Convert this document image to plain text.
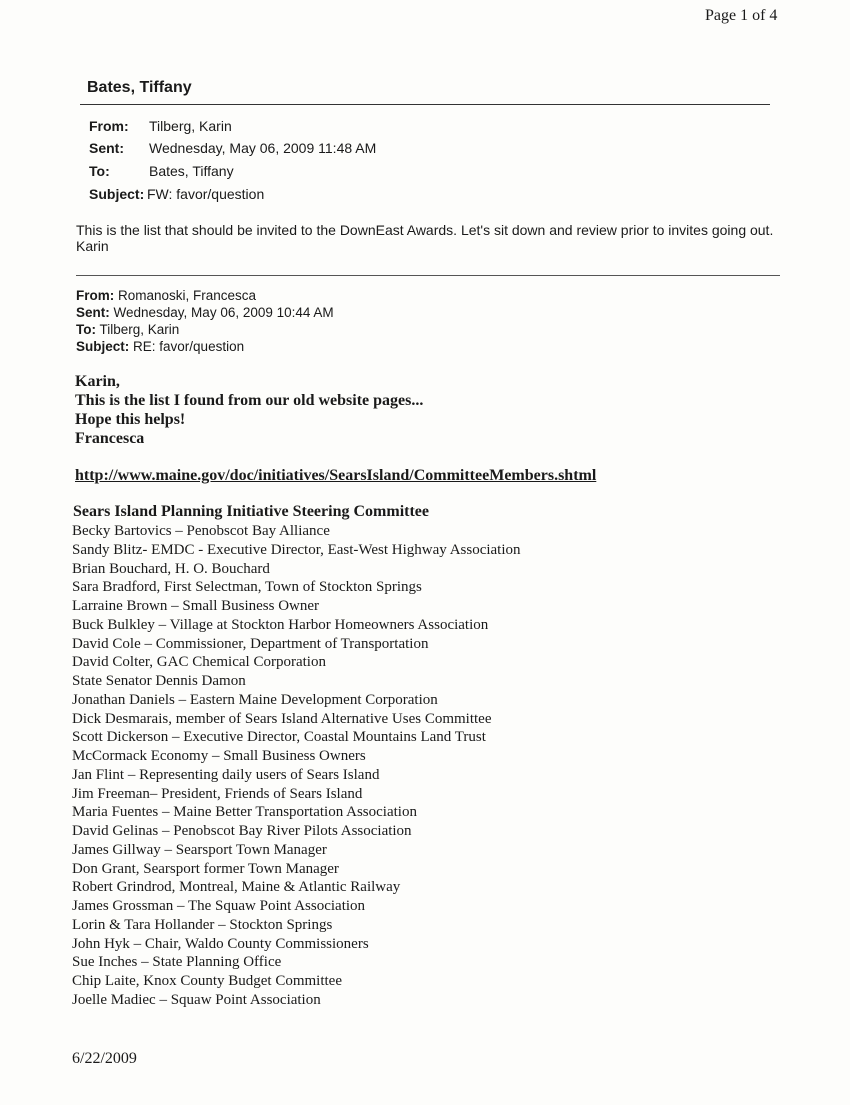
Page 1 of 4
Bates, Tiffany
From: Tilberg, Karin
Sent: Wednesday, May 06, 2009 11:48 AM
To:	Bates, Tiffany
Subject: FW: favor/question
This is the list that should be invited to the DownEast Awards. Let's sit down and review prior to invites going out.
Karin
From: Romanoski, Francesca
Sent: Wednesday, May 06, 2009 10:44 AM
To: Tilberg, Karin
Subject: RE: favor/question
Karin,
This is the list I found from our old website pages...
Hope this helps!
Francesca
http://www.maine.gov/doc/initiatives/SearsIsland/CommitteeMembers.shtml
Sears Island Planning Initiative Steering Committee
Becky Bartovics – Penobscot Bay Alliance
Sandy Blitz- EMDC - Executive Director, East-West Highway Association
Brian Bouchard, H. O. Bouchard
Sara Bradford, First Selectman, Town of Stockton Springs
Larraine Brown – Small Business Owner
Buck Bulkley – Village at Stockton Harbor Homeowners Association
David Cole – Commissioner, Department of Transportation
David Colter, GAC Chemical Corporation
State Senator Dennis Damon
Jonathan Daniels – Eastern Maine Development Corporation
Dick Desmarais, member of Sears Island Alternative Uses Committee
Scott Dickerson – Executive Director, Coastal Mountains Land Trust
McCormack Economy – Small Business Owners
Jan Flint – Representing daily users of Sears Island
Jim Freeman– President, Friends of Sears Island
Maria Fuentes – Maine Better Transportation Association
David Gelinas – Penobscot Bay River Pilots Association
James Gillway – Searsport Town Manager
Don Grant, Searsport former Town Manager
Robert Grindrod, Montreal, Maine & Atlantic Railway
James Grossman – The Squaw Point Association
Lorin & Tara Hollander – Stockton Springs
John Hyk – Chair, Waldo County Commissioners
Sue Inches – State Planning Office
Chip Laite, Knox County Budget Committee
Joelle Madiec – Squaw Point Association
6/22/2009
